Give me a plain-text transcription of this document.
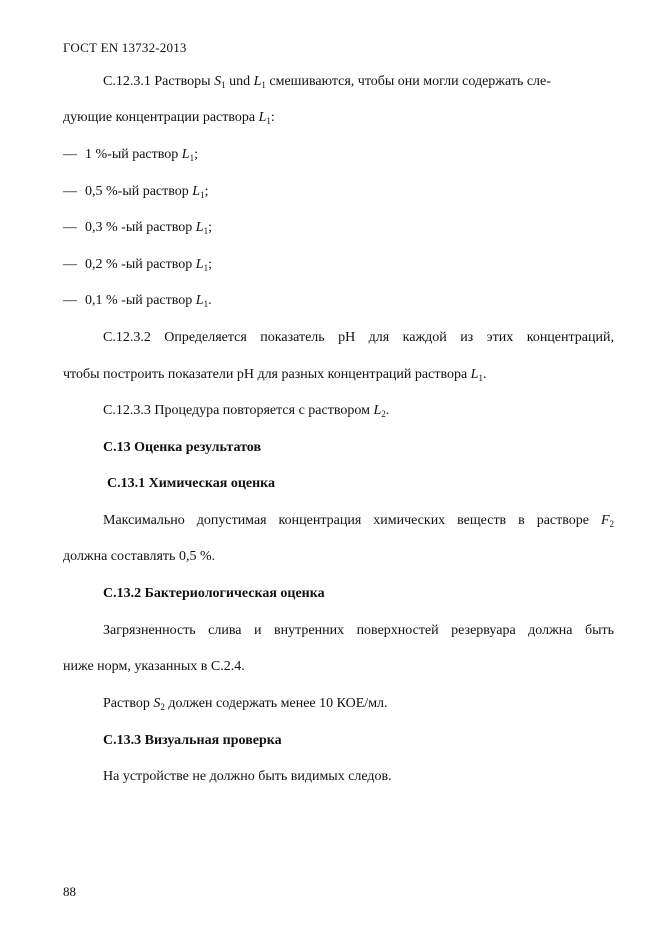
ГОСТ EN 13732-2013
С.12.3.1 Растворы $S_1$ und $L_1$ смешиваются, чтобы они могли содержать сле-
дующие концентрации раствора $L_1$:
— 1 %-ый раствор $L_1$;
— 0,5 %-ый раствор $L_1$;
— 0,3 % -ый раствор $L_1$;
— 0,2 % -ый раствор $L_1$;
— 0,1 % -ый раствор $L_1$.
С.12.3.2 Определяется показатель pH для каждой из этих концентраций,
чтобы построить показатели pH для разных концентраций раствора $L_1$.
С.12.3.3 Процедура повторяется с раствором $L_2$.
С.13 Оценка результатов
С.13.1 Химическая оценка
Максимально допустимая концентрация химических веществ в растворе $F_2$
должна составлять 0,5 %.
С.13.2 Бактериологическая оценка
Загрязненность слива и внутренних поверхностей резервуара должна быть
ниже норм, указанных в С.2.4.
Раствор $S_2$ должен содержать менее 10 КОЕ/мл.
С.13.3 Визуальная проверка
На устройстве не должно быть видимых следов.
88
